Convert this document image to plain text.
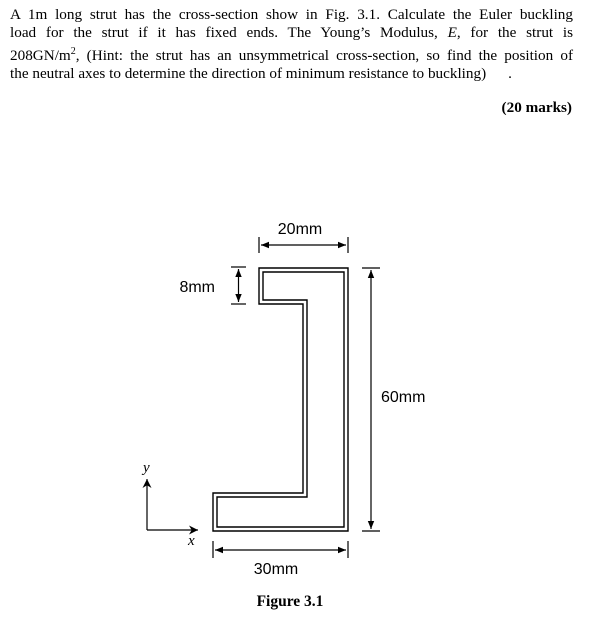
A 1m long strut has the cross-section show in Fig. 3.1. Calculate the Euler buckling
load for the strut if it has fixed ends. The Young’s Modulus, E, for the strut is
$208GN/m^2$, (Hint: the strut has an unsymmetrical cross-section, so find the position of
the neutral axes to determine the direction of minimum resistance to buckling) .
(20 marks)
20mm
8mm
60mm
30mm
y
x
Figure 3.1
